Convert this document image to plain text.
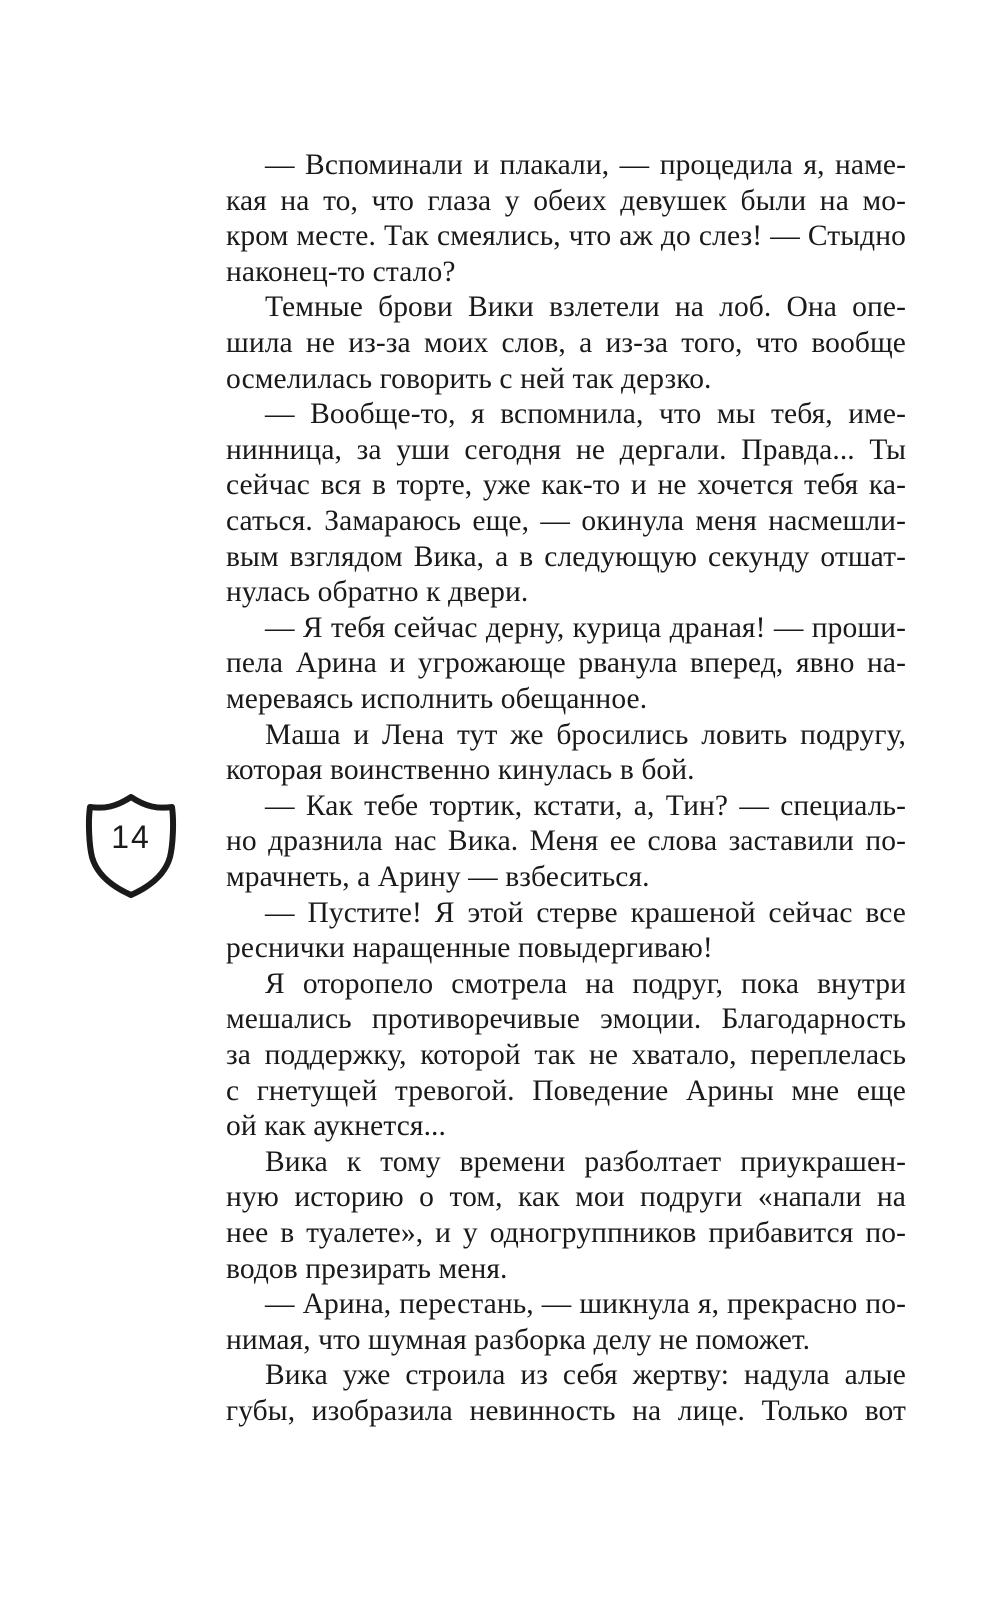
14
— Вспоминали и плакали, — процедила я, наме-
кая на то, что глаза у обеих девушек были на мо-
кром месте. Так смеялись, что аж до слез! — Стыдно
наконец-то стало?
Темные брови Вики взлетели на лоб. Она опе-
шила не из-за моих слов, а из-за того, что вообще
осмелилась говорить с ней так дерзко.
— Вообще-то, я вспомнила, что мы тебя, име-
нинница, за уши сегодня не дергали. Правда... Ты
сейчас вся в торте, уже как-то и не хочется тебя ка-
саться. Замараюсь еще, — окинула меня насмешли-
вым взглядом Вика, а в следующую секунду отшат-
нулась обратно к двери.
— Я тебя сейчас дерну, курица драная! — проши-
пела Арина и угрожающе рванула вперед, явно на-
мереваясь исполнить обещанное.
Маша и Лена тут же бросились ловить подругу,
которая воинственно кинулась в бой.
— Как тебе тортик, кстати, а, Тин? — специаль-
но дразнила нас Вика. Меня ее слова заставили по-
мрачнеть, а Арину — взбеситься.
— Пустите! Я этой стерве крашеной сейчас все
реснички наращенные повыдергиваю!
Я оторопело смотрела на подруг, пока внутри
мешались противоречивые эмоции. Благодарность
за поддержку, которой так не хватало, переплелась
с гнетущей тревогой. Поведение Арины мне еще
ой как аукнется...
Вика к тому времени разболтает приукрашен-
ную историю о том, как мои подруги «напали на
нее в туалете», и у одногруппников прибавится по-
водов презирать меня.
— Арина, перестань, — шикнула я, прекрасно по-
нимая, что шумная разборка делу не поможет.
Вика уже строила из себя жертву: надула алые
губы, изобразила невинность на лице. Только вот
